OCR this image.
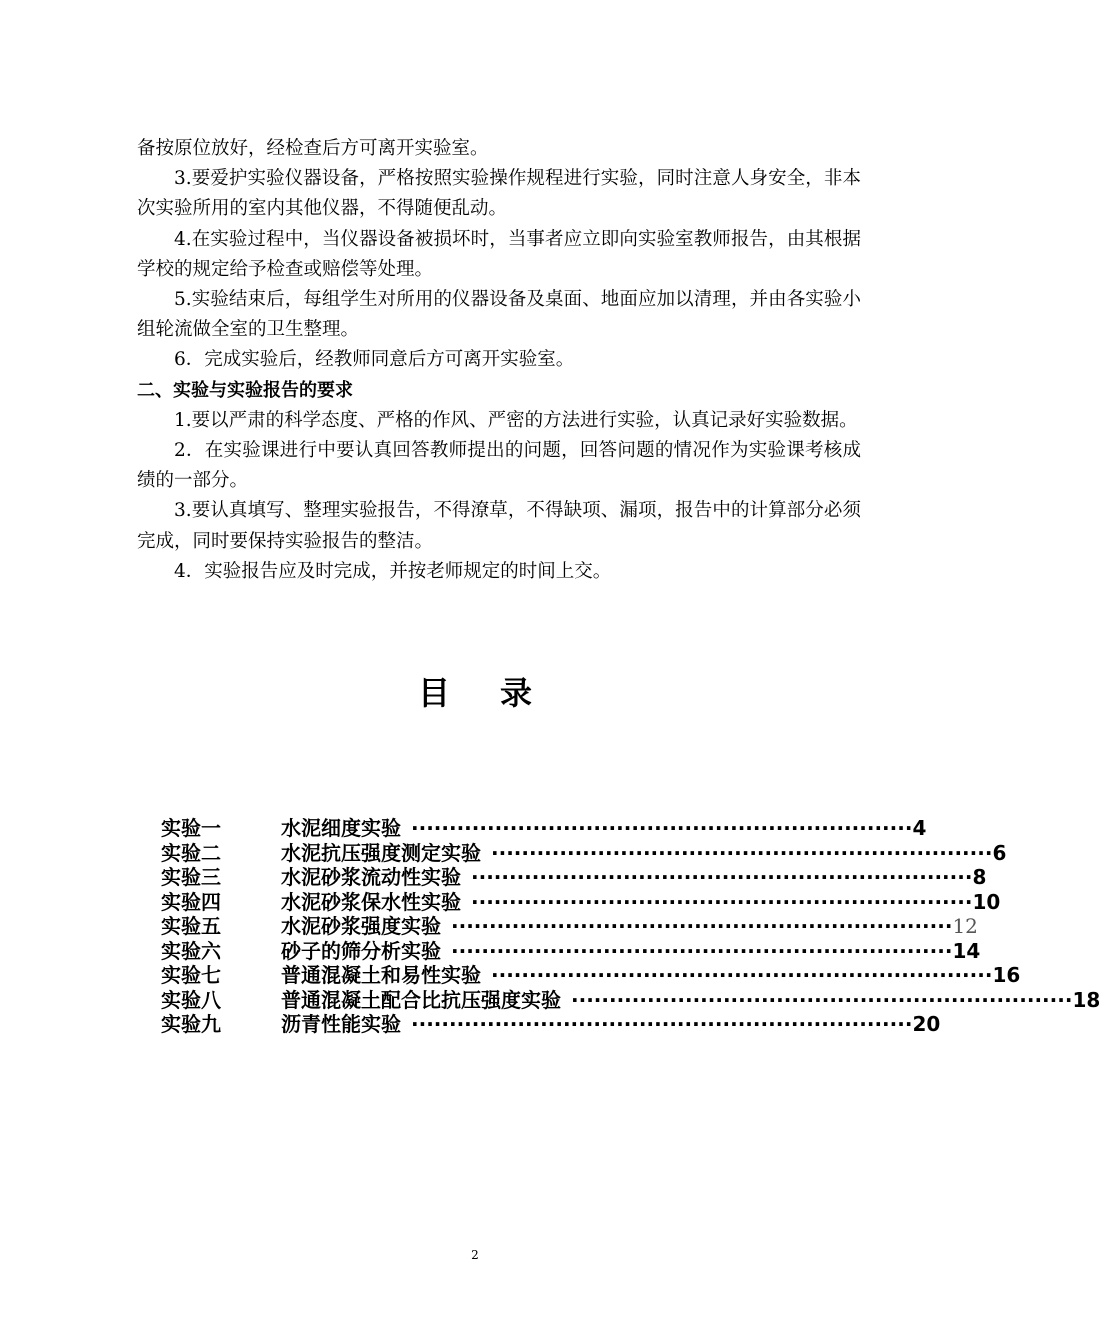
备按原位放好，经检查后方可离开实验室。

3.要爱护实验仪器设备，严格按照实验操作规程进行实验，同时注意人身安全，非本次实验所用的室内其他仪器，不得随便乱动。

4.在实验过程中，当仪器设备被损坏时，当事者应立即向实验室教师报告，由其根据学校的规定给予检查或赔偿等处理。

5.实验结束后，每组学生对所用的仪器设备及桌面、地面应加以清理，并由各实验小组轮流做全室的卫生整理。

6．完成实验后，经教师同意后方可离开实验室。

二、实验与实验报告的要求

1.要以严肃的科学态度、严格的作风、严密的方法进行实验，认真记录好实验数据。

2．在实验课进行中要认真回答教师提出的问题，回答问题的情况作为实验课考核成绩的一部分。

3.要认真填写、整理实验报告，不得潦草，不得缺项、漏项，报告中的计算部分必须完成，同时要保持实验报告的整洁。

4．实验报告应及时完成，并按老师规定的时间上交。

目录
实验一	水泥细度实验 ·································································· 4
实验二	水泥抗压强度测定实验 ·································································· 6
实验三	水泥砂浆流动性实验 ·································································· 8
实验四	水泥砂浆保水性实验 ·································································· 10
实验五	水泥砂浆强度实验 ·································································· 12
实验六	砂子的筛分析实验 ·································································· 14
实验七	普通混凝土和易性实验 ·································································· 16
实验八	普通混凝土配合比抗压强度实验 ·································································· 18
实验九	沥青性能实验 ·································································· 20
2
